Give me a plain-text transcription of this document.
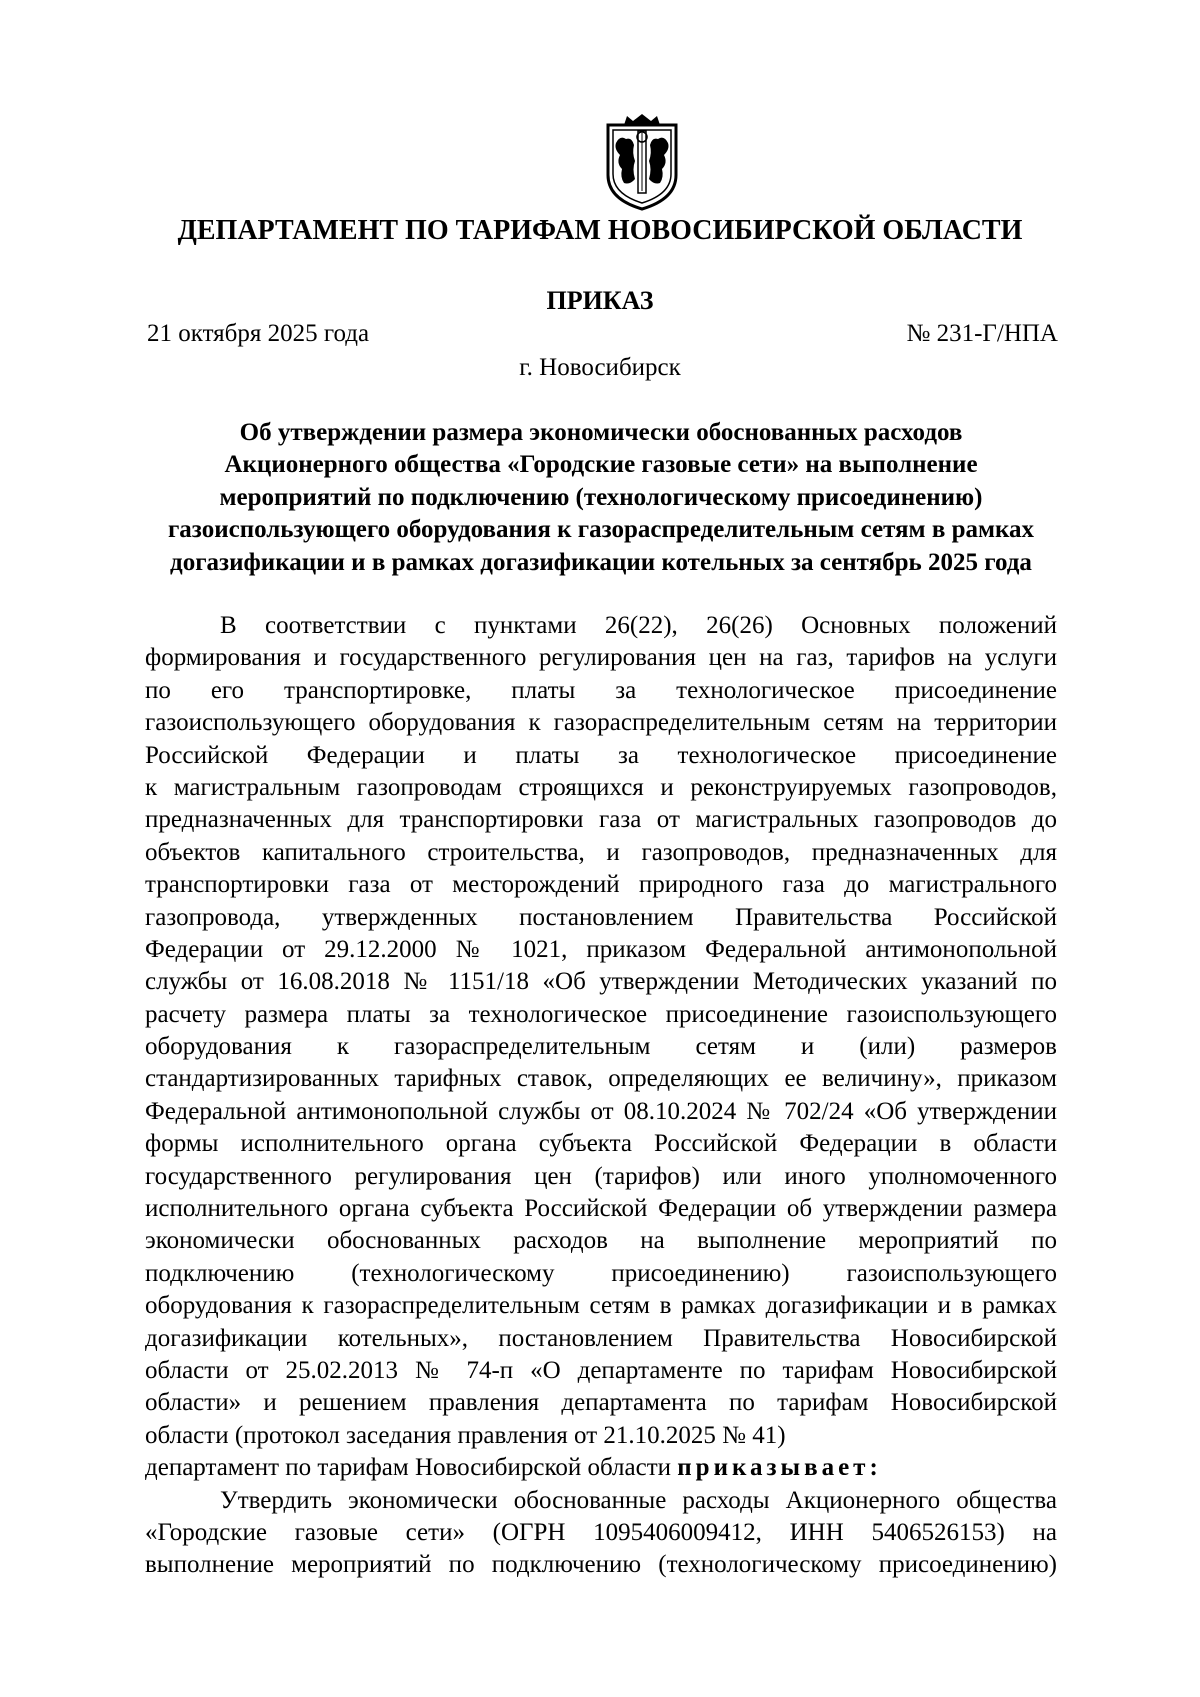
ДЕПАРТАМЕНТ ПО ТАРИФАМ НОВОСИБИРСКОЙ ОБЛАСТИ
ПРИКАЗ
21 октября 2025 года	№ 231-Г/НПА
г. Новосибирск
Об утверждении размера экономически обоснованных расходов
Акционерного общества «Городские газовые сети» на выполнение
мероприятий по подключению (технологическому присоединению)
газоиспользующего оборудования к газораспределительным сетям в рамках
догазификации и в рамках догазификации котельных за сентябрь 2025 года
В соответствии с пунктами 26(22), 26(26) Основных положений
формирования и государственного регулирования цен на газ, тарифов на услуги
по его транспортировке, платы за технологическое присоединение
газоиспользующего оборудования к газораспределительным сетям на территории
Российской Федерации и платы за технологическое присоединение
к магистральным газопроводам строящихся и реконструируемых газопроводов,
предназначенных для транспортировки газа от магистральных газопроводов до
объектов капитального строительства, и газопроводов, предназначенных для
транспортировки газа от месторождений природного газа до магистрального
газопровода, утвержденных постановлением Правительства Российской
Федерации от 29.12.2000 № 1021, приказом Федеральной антимонопольной
службы от 16.08.2018 № 1151/18 «Об утверждении Методических указаний по
расчету размера платы за технологическое присоединение газоиспользующего
оборудования к газораспределительным сетям и (или) размеров
стандартизированных тарифных ставок, определяющих ее величину», приказом
Федеральной антимонопольной службы от 08.10.2024 № 702/24 «Об утверждении
формы исполнительного органа субъекта Российской Федерации в области
государственного регулирования цен (тарифов) или иного уполномоченного
исполнительного органа субъекта Российской Федерации об утверждении размера
экономически обоснованных расходов на выполнение мероприятий по
подключению (технологическому присоединению) газоиспользующего
оборудования к газораспределительным сетям в рамках догазификации и в рамках
догазификации котельных», постановлением Правительства Новосибирской
области от 25.02.2013 № 74-п «О департаменте по тарифам Новосибирской
области» и решением правления департамента по тарифам Новосибирской
области (протокол заседания правления от 21.10.2025 № 41)
департамент по тарифам Новосибирской области приказывает:
Утвердить экономически обоснованные расходы Акционерного общества
«Городские газовые сети» (ОГРН 1095406009412, ИНН 5406526153) на
выполнение мероприятий по подключению (технологическому присоединению)
